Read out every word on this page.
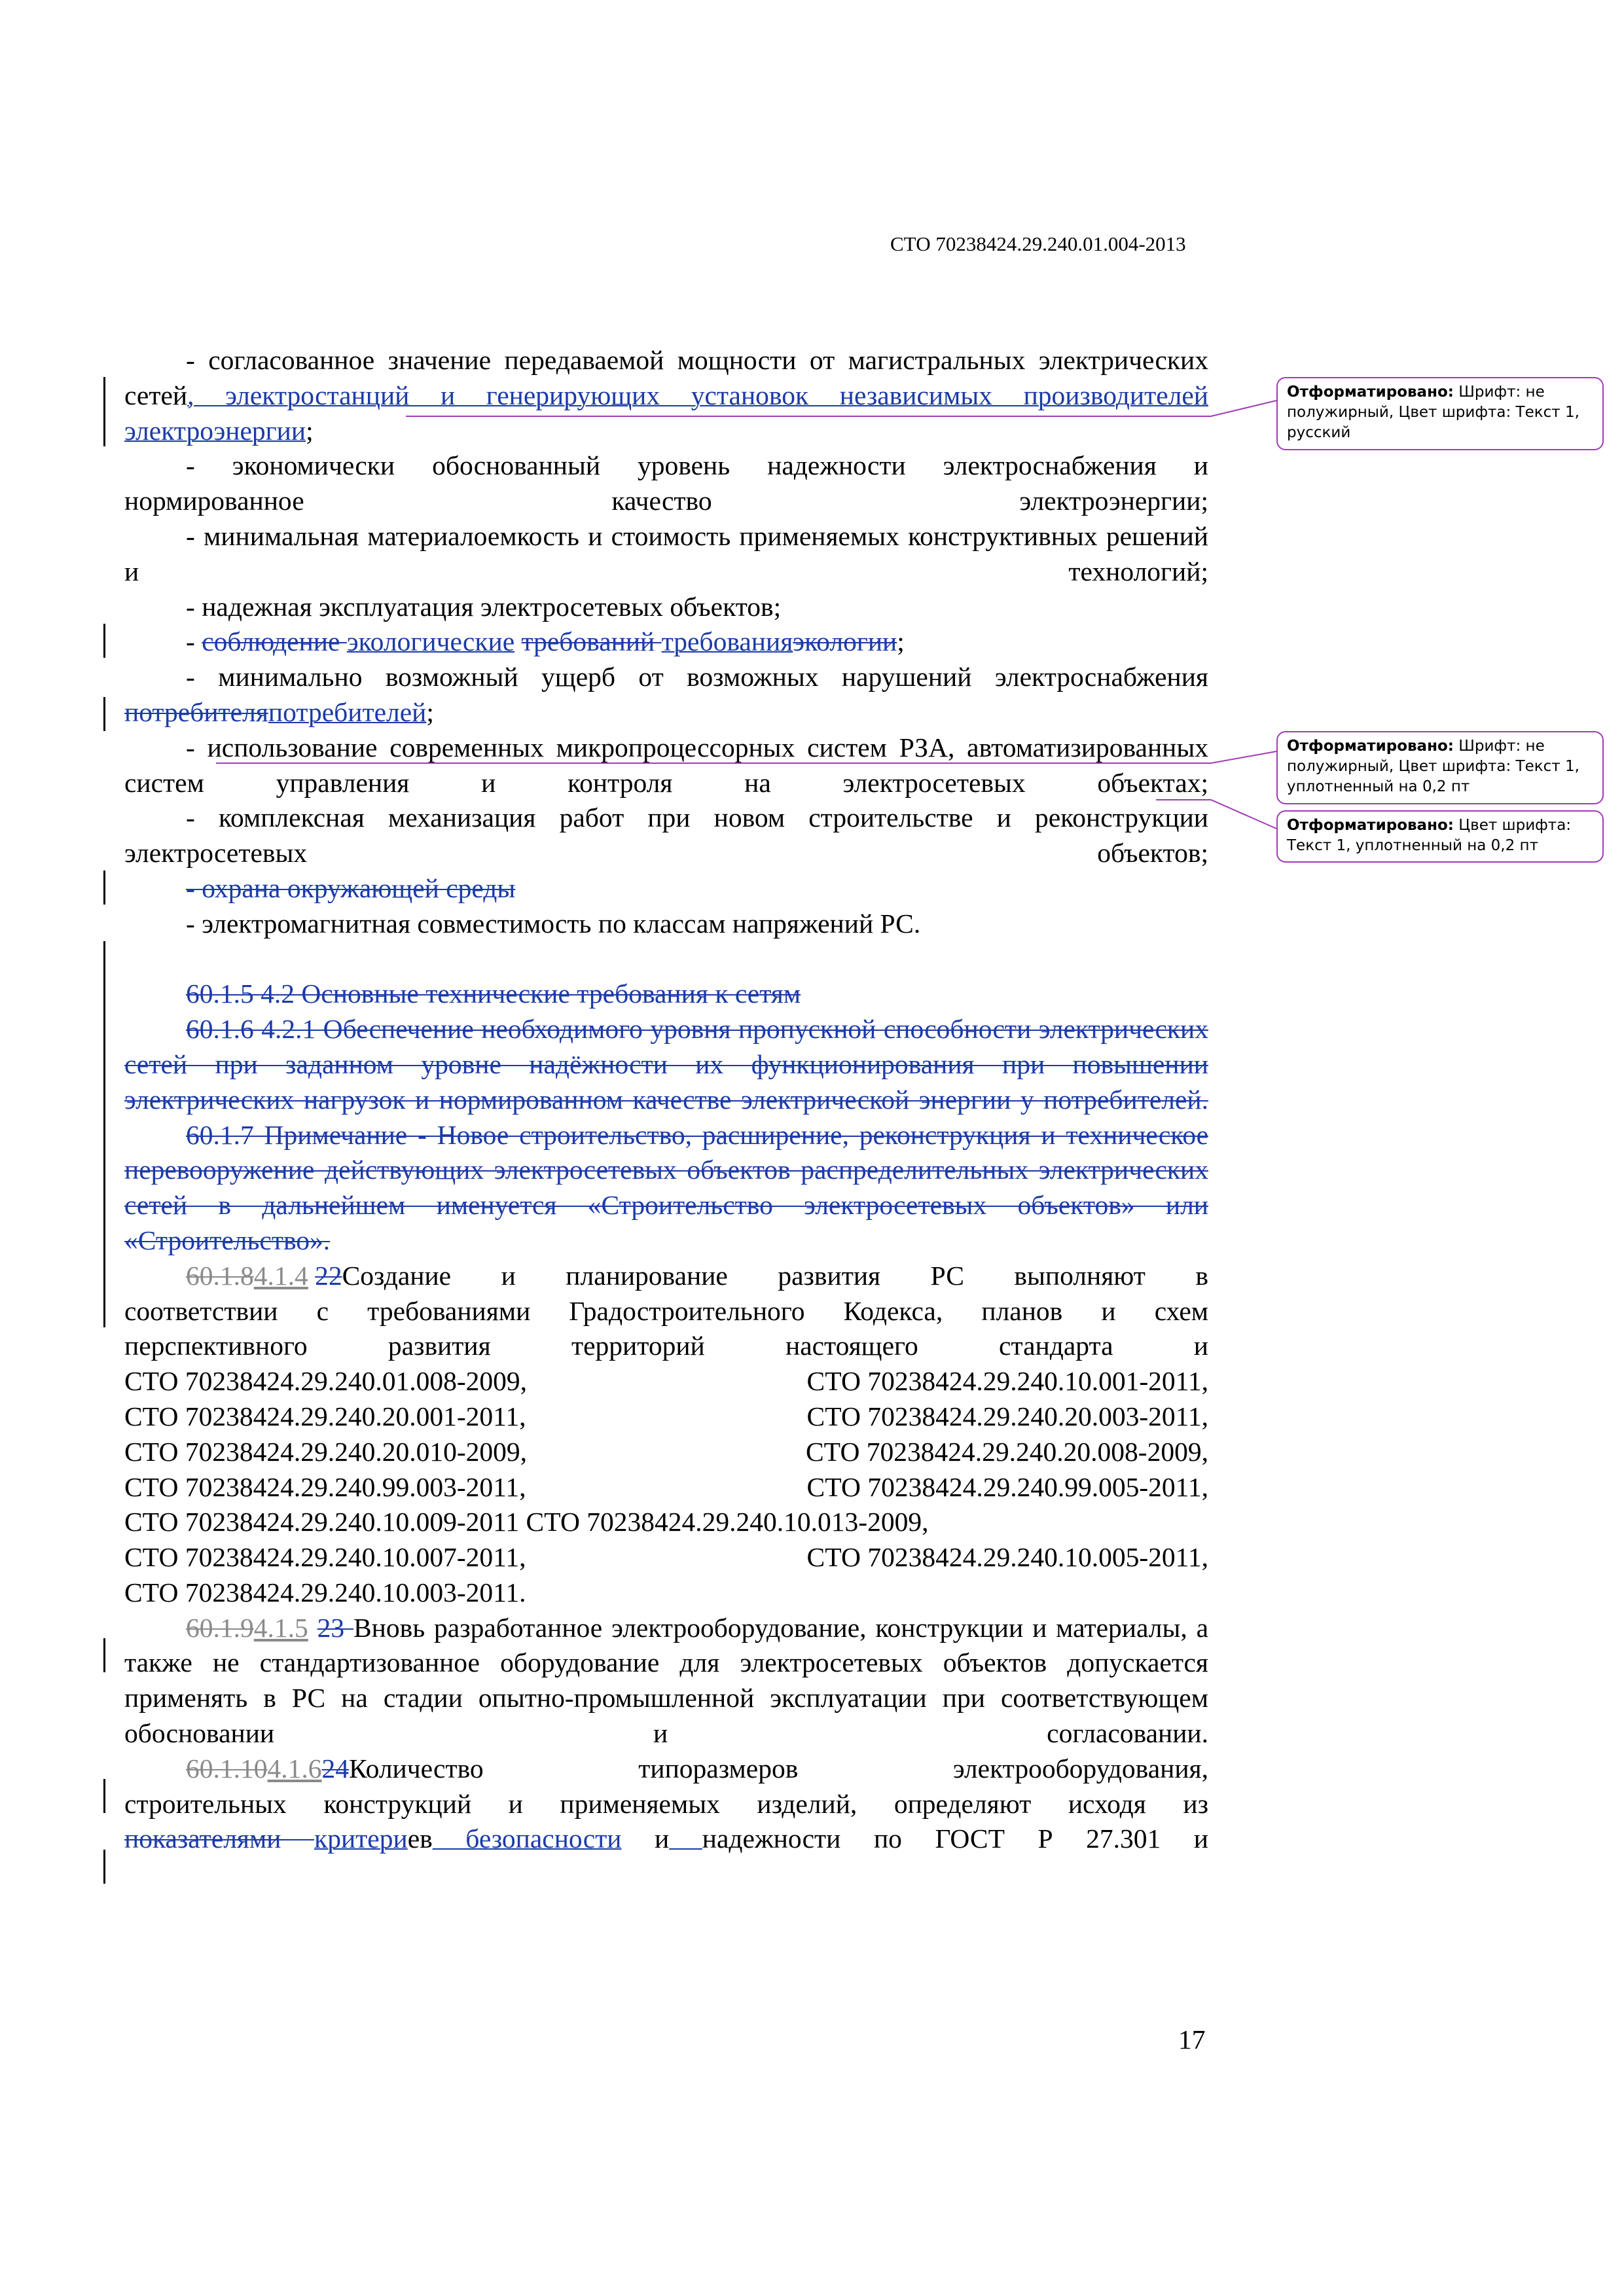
СТО 70238424.29.240.01.004-2013
- согласованное значение передаваемой мощности от магистральных электрических сетей, электростанций и генерирующих установок независимых производителей электроэнергии;
- экономически обоснованный уровень надежности электроснабжения и нормированное качество электроэнергии;
- минимальная материалоемкость и стоимость применяемых конструктивных решений и технологий;
- надежная эксплуатация электросетевых объектов;
- соблюдение экологические требований требованияэкологии;
- минимально возможный ущерб от возможных нарушений электроснабжения потребителяпотребителей;
- использование современных микропроцессорных систем РЗА, автоматизированных систем управления и контроля на электросетевых объектах;
- комплексная механизация работ при новом строительстве и реконструкции электросетевых объектов;
- охрана окружающей среды
- электромагнитная совместимость по классам напряжений РС.
60.1.5 4.2 Основные технические требования к сетям
60.1.6 4.2.1 Обеспечение необходимого уровня пропускной способности электрических сетей при заданном уровне надёжности их функционирования при повышении электрических нагрузок и нормированном качестве электрической энергии у потребителей.
60.1.7 Примечание - Новое строительство, расширение, реконструкция и техническое перевооружение действующих электросетевых объектов распределительных электрических сетей в дальнейшем именуется «Строительство электросетевых объектов» или «Строительство».
60.1.84.1.4 22 Создание и планирование развития РС выполняют в
соответствии с требованиями Градостроительного Кодекса, планов и схем
перспективного развития территорий настоящего стандарта и
СТО 70238424.29.240.01.008-2009,	СТО 70238424.29.240.10.001-2011,
СТО 70238424.29.240.20.001-2011,	СТО 70238424.29.240.20.003-2011,
СТО 70238424.29.240.20.010-2009,	СТО 70238424.29.240.20.008-2009,
СТО 70238424.29.240.99.003-2011,	СТО 70238424.29.240.99.005-2011,
СТО 70238424.29.240.10.009-2011 СТО 70238424.29.240.10.013-2009,
СТО 70238424.29.240.10.007-2011,	СТО 70238424.29.240.10.005-2011,
СТО 70238424.29.240.10.003-2011.
60.1.94.1.5 23 Вновь разработанное электрооборудование, конструкции и материалы, а также не стандартизованное оборудование для электросетевых объектов допускается применять в РС на стадии опытно-промышленной эксплуатации при соответствующем обосновании и согласовании.
60.1.104.1.624 Количество типоразмеров электрооборудования,
строительных конструкций и применяемых изделий, определяют исходя из
показателями критериев безопасности и надежности по ГОСТ Р 27.301 и
17
Отформатировано: Шрифт: не полужирный, Цвет шрифта: Текст 1, русский
Отформатировано: Шрифт: не полужирный, Цвет шрифта: Текст 1, уплотненный на 0,2 пт
Отформатировано: Цвет шрифта: Текст 1, уплотненный на 0,2 пт
